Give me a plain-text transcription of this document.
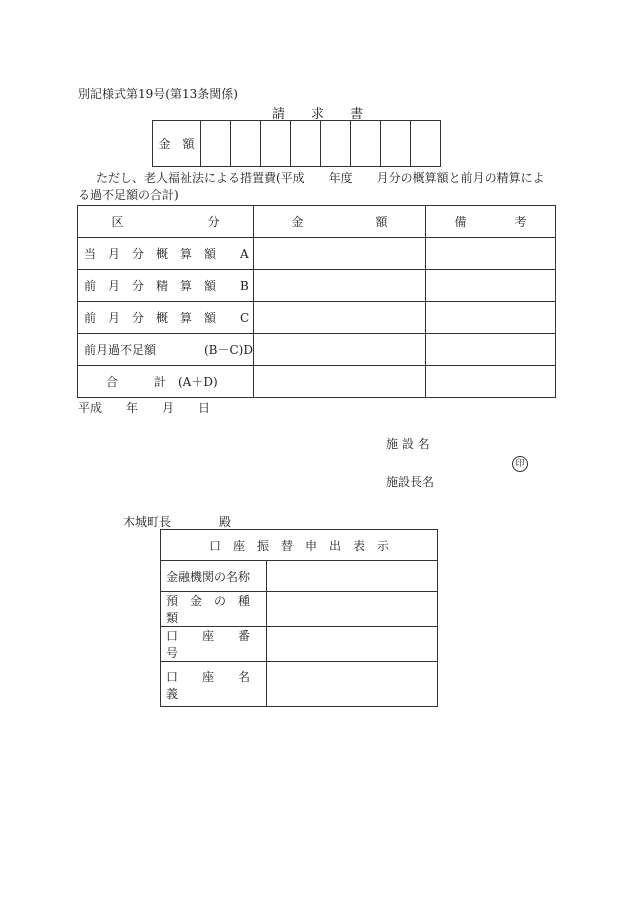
別記様式第19号(第13条関係)
請　　求　　書
金　額								
ただし、老人福祉法による措置費(平成　　年度　　月分の概算額と前月の精算によ
る過不足額の合計)
区　　　　　　　分	金　　　　　　額	備　　　　考
当　月　分　概　算　額　　A		
前　月　分　精　算　額　　B		
前　月　分　概　算　額　　C		
前月過不足額　　　　(B－C)D		
合　　　計　(A＋D)		
平成　　年　　月　　日
施 設 名
印
施設長名
木城町長　　　　殿
口　座　振　替　申　出　表　示	
金融機関の名称	
預　金　の　種　類	
口　　座　　番　　号	
口　　座　　名　　義	
